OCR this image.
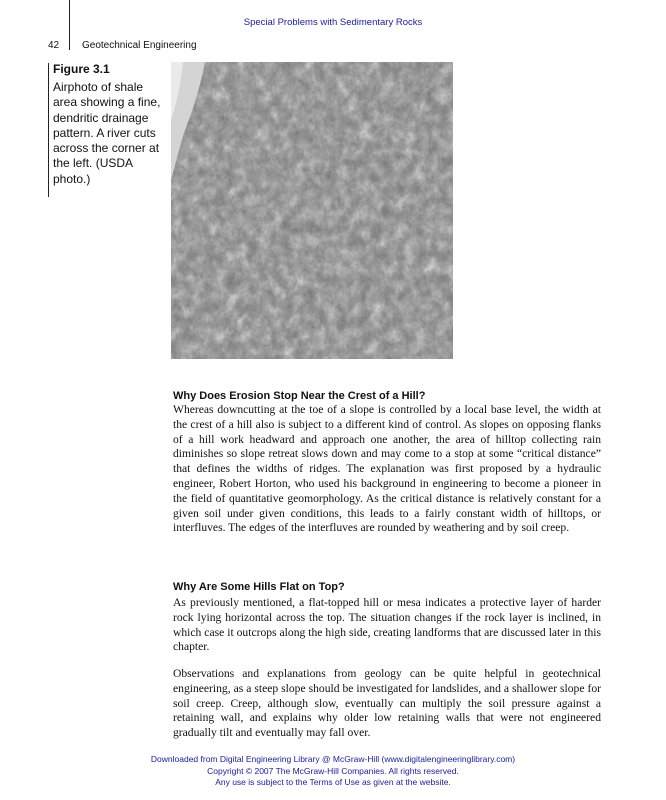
Special Problems with Sedimentary Rocks
42 Geotechnical Engineering
Figure 3.1
Airphoto of shale area showing a fine, dendritic drainage pattern. A river cuts across the corner at the left. (USDA photo.)
Why Does Erosion Stop Near the Crest of a Hill?
Whereas downcutting at the toe of a slope is controlled by a local base level, the width at the crest of a hill also is subject to a different kind of control. As slopes on opposing flanks of a hill work headward and approach one another, the area of hilltop collecting rain diminishes so slope retreat slows down and may come to a stop at some “critical distance” that defines the widths of ridges. The explanation was first proposed by a hydraulic engineer, Robert Horton, who used his background in engineering to become a pioneer in the field of quantitative geomorphology. As the critical distance is relatively constant for a given soil under given conditions, this leads to a fairly constant width of hilltops, or interfluves. The edges of the interfluves are rounded by weathering and by soil creep.
Why Are Some Hills Flat on Top?
As previously mentioned, a flat-topped hill or mesa indicates a protective layer of harder rock lying horizontal across the top. The situation changes if the rock layer is inclined, in which case it outcrops along the high side, creating landforms that are discussed later in this chapter.
Observations and explanations from geology can be quite helpful in geotechnical engineering, as a steep slope should be investigated for landslides, and a shallower slope for soil creep. Creep, although slow, eventually can multiply the soil pressure against a retaining wall, and explains why older low retaining walls that were not engineered gradually tilt and eventually may fall over.
Downloaded from Digital Engineering Library @ McGraw-Hill (www.digitalengineeringlibrary.com)
Copyright © 2007 The McGraw-Hill Companies. All rights reserved.
Any use is subject to the Terms of Use as given at the website.
